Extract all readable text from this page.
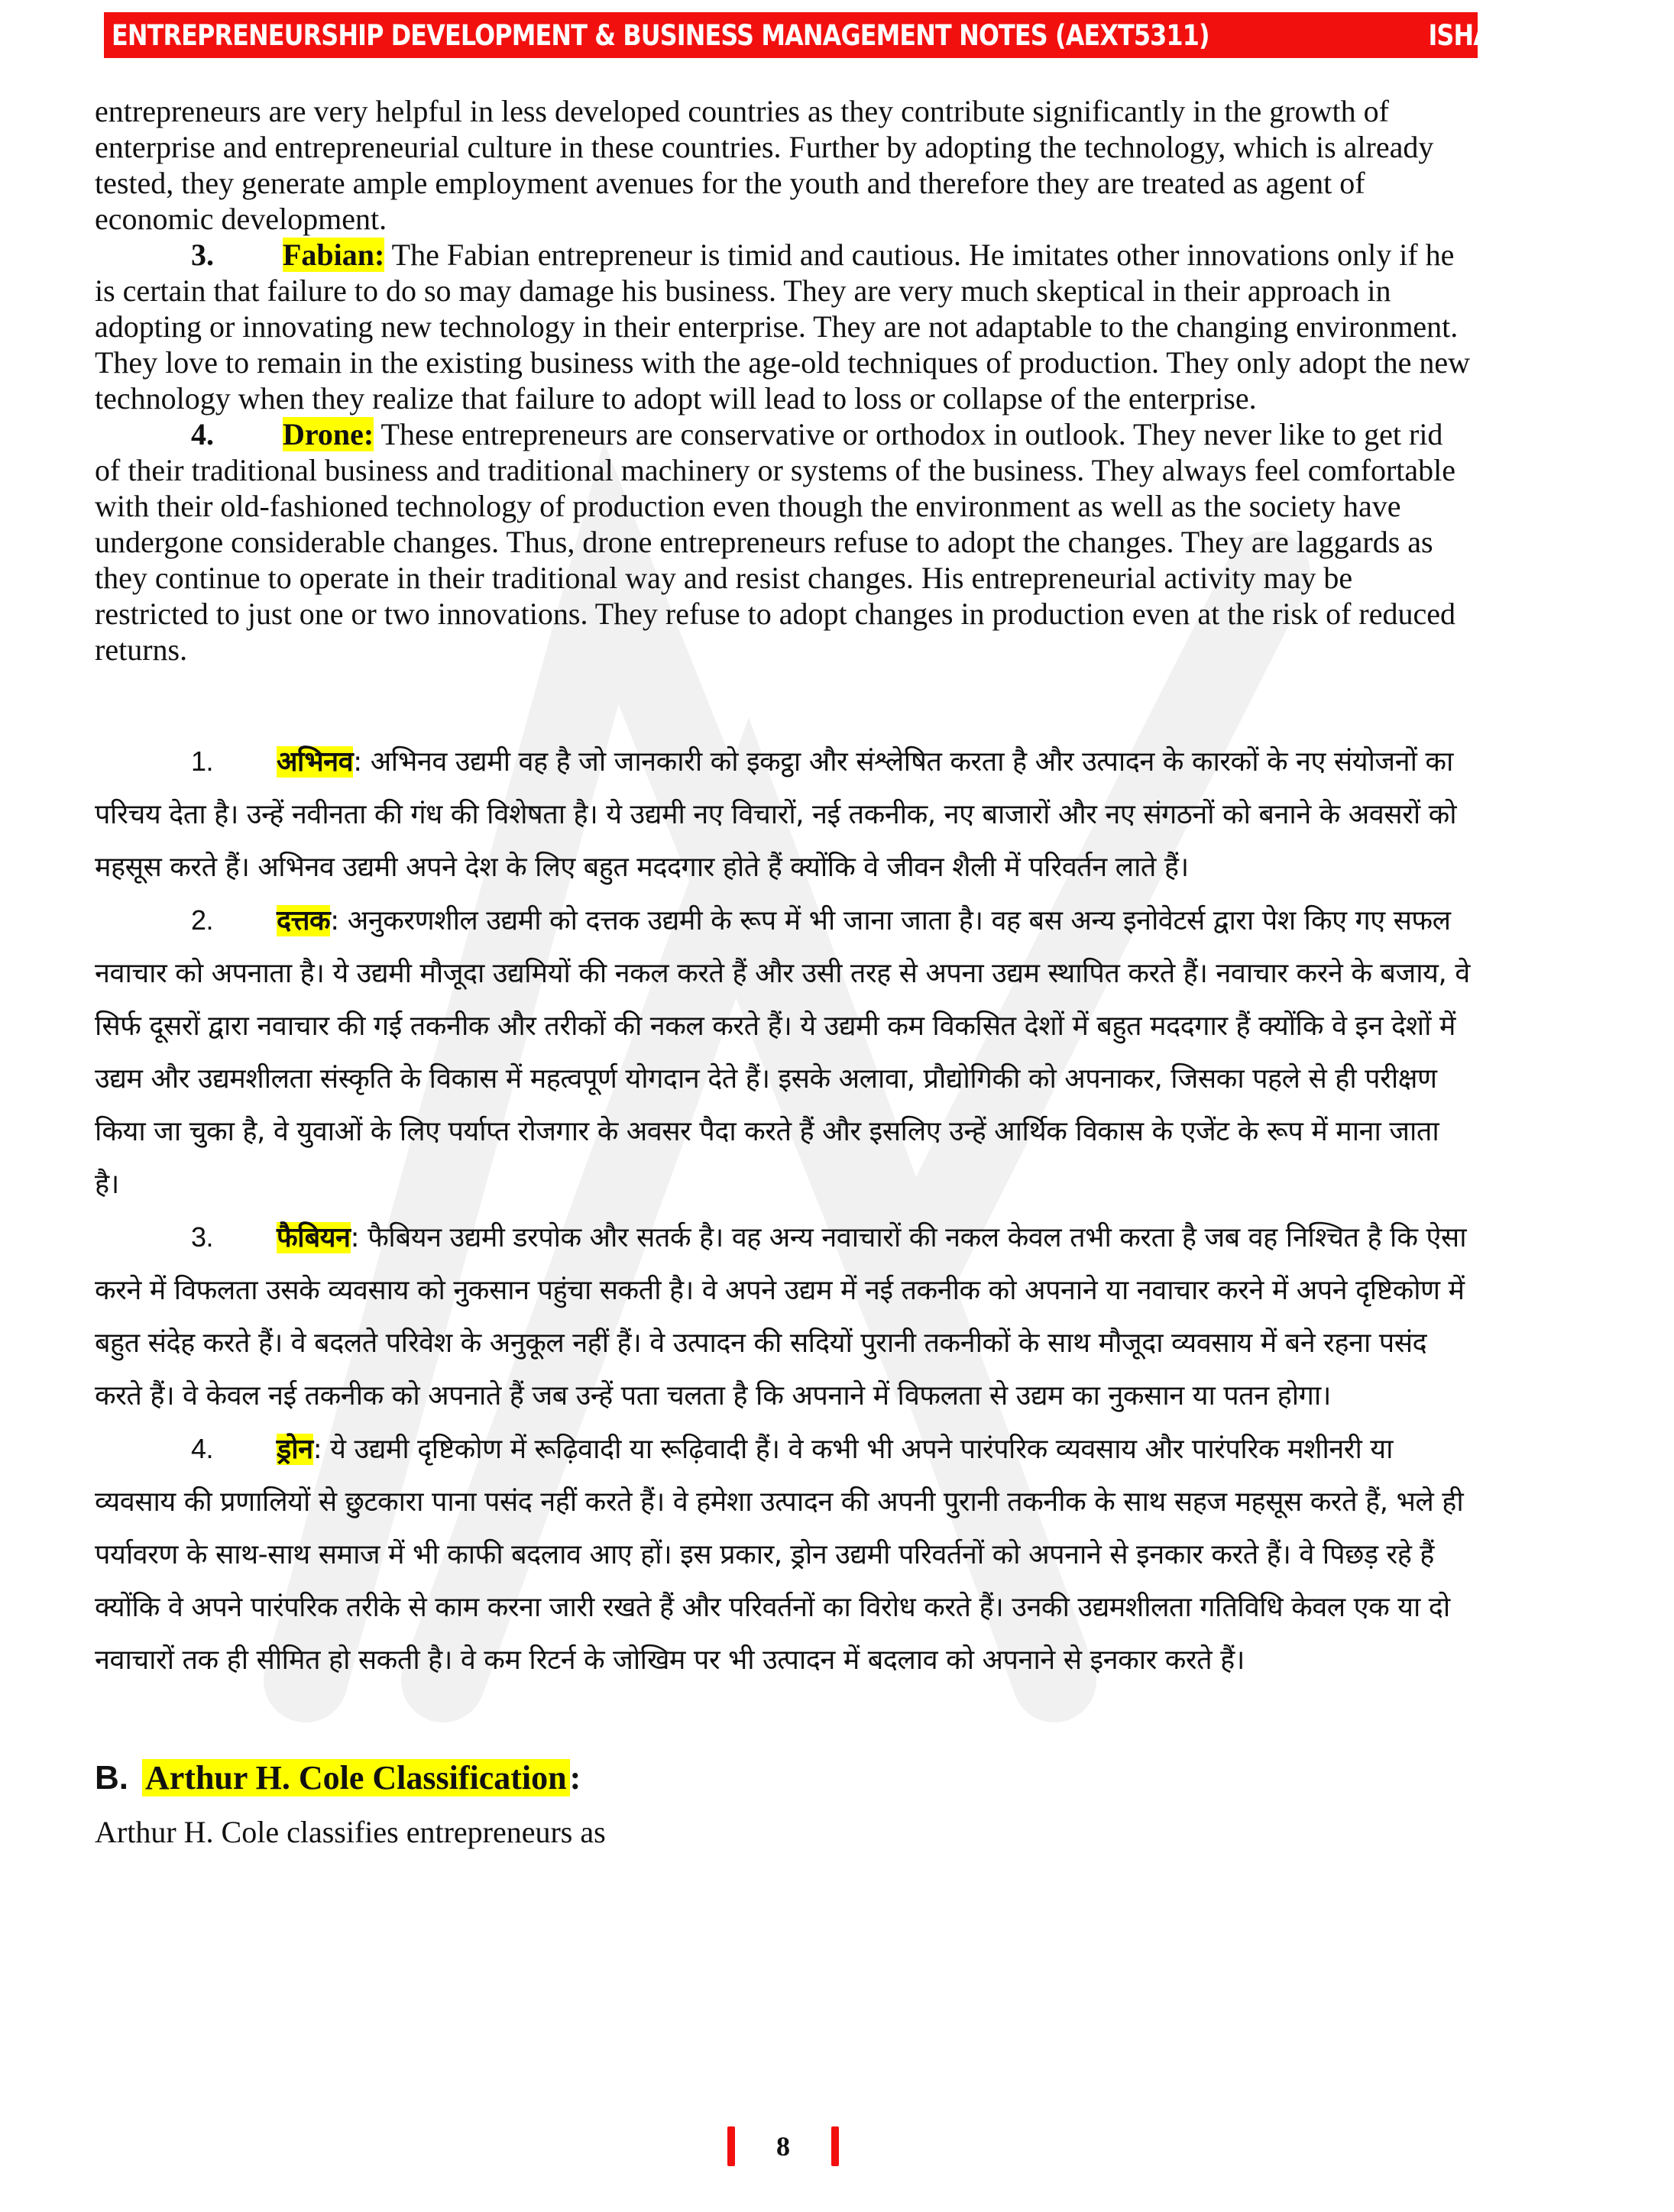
ENTREPRENEURSHIP DEVELOPMENT & BUSINESS MANAGEMENT NOTES (AEXT5311)	ISHAN DEWANGAN

entrepreneurs are very helpful in less developed countries as they contribute significantly in the growth of enterprise and entrepreneurial culture in these countries. Further by adopting the technology, which is already tested, they generate ample employment avenues for the youth and therefore they are treated as agent of economic development.

3. Fabian: The Fabian entrepreneur is timid and cautious. He imitates other innovations only if he is certain that failure to do so may damage his business. They are very much skeptical in their approach in adopting or innovating new technology in their enterprise. They are not adaptable to the changing environment. They love to remain in the existing business with the age-old techniques of production. They only adopt the new technology when they realize that failure to adopt will lead to loss or collapse of the enterprise.

4. Drone: These entrepreneurs are conservative or orthodox in outlook. They never like to get rid of their traditional business and traditional machinery or systems of the business. They always feel comfortable with their old-fashioned technology of production even though the environment as well as the society have undergone considerable changes. Thus, drone entrepreneurs refuse to adopt the changes. They are laggards as they continue to operate in their traditional way and resist changes. His entrepreneurial activity may be restricted to just one or two innovations. They refuse to adopt changes in production even at the risk of reduced returns.

1. अभिनव: अभिनव उद्यमी वह है जो जानकारी को इकट्ठा और संश्लेषित करता है और उत्पादन के कारकों के नए संयोजनों का परिचय देता है। उन्हें नवीनता की गंध की विशेषता है। ये उद्यमी नए विचारों, नई तकनीक, नए बाजारों और नए संगठनों को बनाने के अवसरों को महसूस करते हैं। अभिनव उद्यमी अपने देश के लिए बहुत मददगार होते हैं क्योंकि वे जीवन शैली में परिवर्तन लाते हैं।

2. दत्तक: अनुकरणशील उद्यमी को दत्तक उद्यमी के रूप में भी जाना जाता है। वह बस अन्य इनोवेटर्स द्वारा पेश किए गए सफल नवाचार को अपनाता है। ये उद्यमी मौजूदा उद्यमियों की नकल करते हैं और उसी तरह से अपना उद्यम स्थापित करते हैं। नवाचार करने के बजाय, वे सिर्फ दूसरों द्वारा नवाचार की गई तकनीक और तरीकों की नकल करते हैं। ये उद्यमी कम विकसित देशों में बहुत मददगार हैं क्योंकि वे इन देशों में उद्यम और उद्यमशीलता संस्कृति के विकास में महत्वपूर्ण योगदान देते हैं। इसके अलावा, प्रौद्योगिकी को अपनाकर, जिसका पहले से ही परीक्षण किया जा चुका है, वे युवाओं के लिए पर्याप्त रोजगार के अवसर पैदा करते हैं और इसलिए उन्हें आर्थिक विकास के एजेंट के रूप में माना जाता है।

3. फैबियन: फैबियन उद्यमी डरपोक और सतर्क है। वह अन्य नवाचारों की नकल केवल तभी करता है जब वह निश्चित है कि ऐसा करने में विफलता उसके व्यवसाय को नुकसान पहुंचा सकती है। वे अपने उद्यम में नई तकनीक को अपनाने या नवाचार करने में अपने दृष्टिकोण में बहुत संदेह करते हैं। वे बदलते परिवेश के अनुकूल नहीं हैं। वे उत्पादन की सदियों पुरानी तकनीकों के साथ मौजूदा व्यवसाय में बने रहना पसंद करते हैं। वे केवल नई तकनीक को अपनाते हैं जब उन्हें पता चलता है कि अपनाने में विफलता से उद्यम का नुकसान या पतन होगा।

4. ड्रोन: ये उद्यमी दृष्टिकोण में रूढ़िवादी या रूढ़िवादी हैं। वे कभी भी अपने पारंपरिक व्यवसाय और पारंपरिक मशीनरी या व्यवसाय की प्रणालियों से छुटकारा पाना पसंद नहीं करते हैं। वे हमेशा उत्पादन की अपनी पुरानी तकनीक के साथ सहज महसूस करते हैं, भले ही पर्यावरण के साथ-साथ समाज में भी काफी बदलाव आए हों। इस प्रकार, ड्रोन उद्यमी परिवर्तनों को अपनाने से इनकार करते हैं। वे पिछड़ रहे हैं क्योंकि वे अपने पारंपरिक तरीके से काम करना जारी रखते हैं और परिवर्तनों का विरोध करते हैं। उनकी उद्यमशीलता गतिविधि केवल एक या दो नवाचारों तक ही सीमित हो सकती है। वे कम रिटर्न के जोखिम पर भी उत्पादन में बदलाव को अपनाने से इनकार करते हैं।

B. Arthur H. Cole Classification:
Arthur H. Cole classifies entrepreneurs as
8
